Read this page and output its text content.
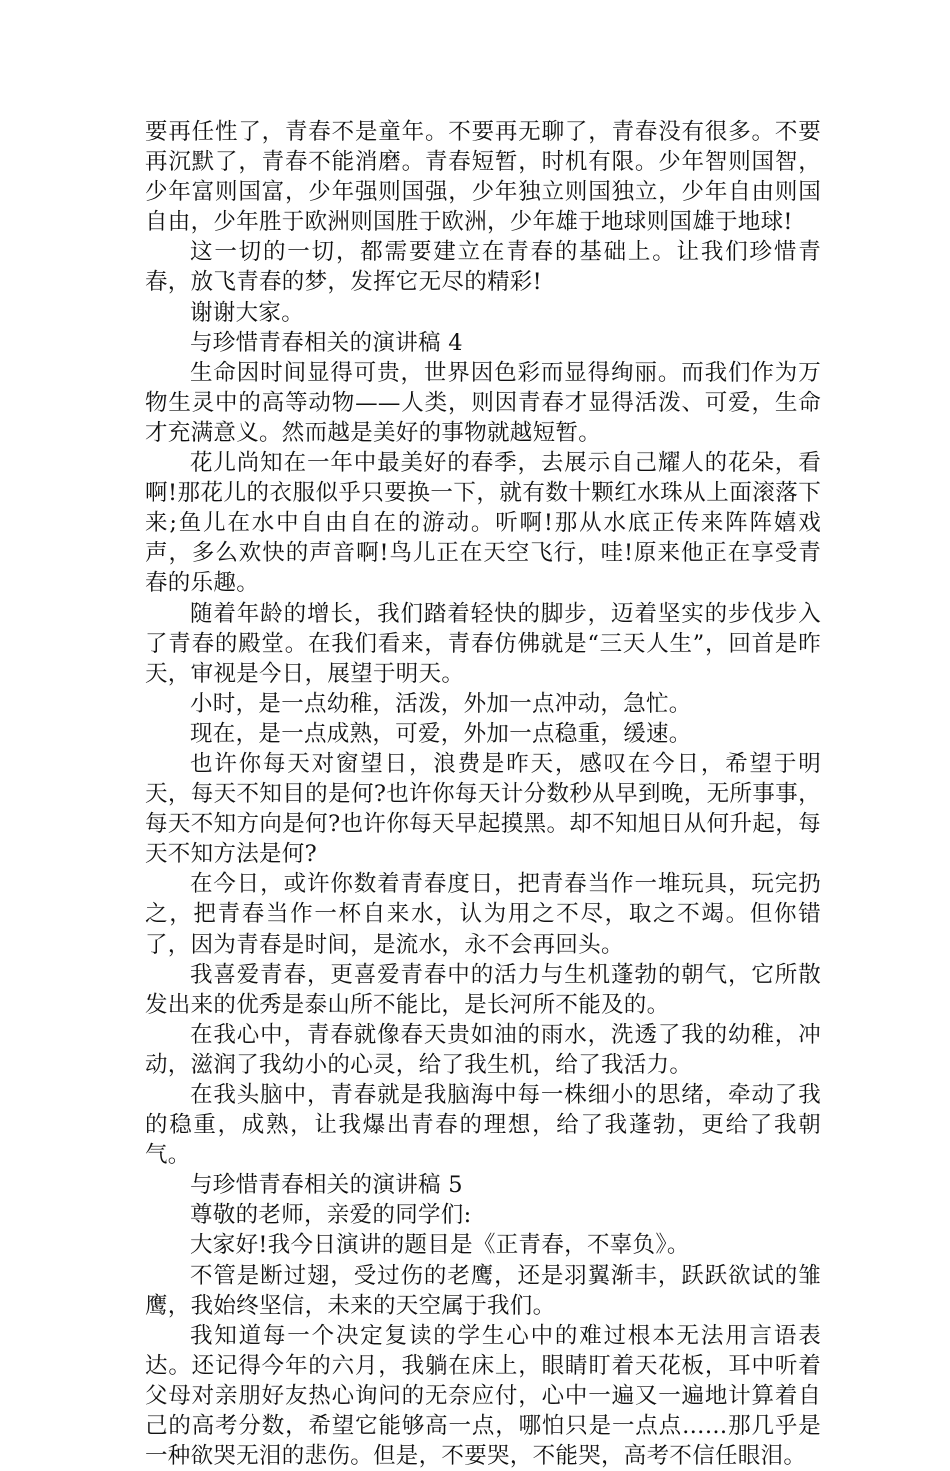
要再任性了，青春不是童年。不要再无聊了，青春没有很多。不要再沉默了，青春不能消磨。青春短暂，时机有限。少年智则国智，少年富则国富，少年强则国强，少年独立则国独立，少年自由则国自由，少年胜于欧洲则国胜于欧洲，少年雄于地球则国雄于地球!

这一切的一切，都需要建立在青春的基础上。让我们珍惜青春，放飞青春的梦，发挥它无尽的精彩!

谢谢大家。

与珍惜青春相关的演讲稿 4

生命因时间显得可贵，世界因色彩而显得绚丽。而我们作为万物生灵中的高等动物——人类，则因青春才显得活泼、可爱，生命才充满意义。然而越是美好的事物就越短暂。

花儿尚知在一年中最美好的春季，去展示自己耀人的花朵，看啊!那花儿的衣服似乎只要换一下，就有数十颗红水珠从上面滚落下来;鱼儿在水中自由自在的游动。听啊!那从水底正传来阵阵嬉戏声，多么欢快的声音啊!鸟儿正在天空飞行，哇!原来他正在享受青春的乐趣。

随着年龄的增长，我们踏着轻快的脚步，迈着坚实的步伐步入了青春的殿堂。在我们看来，青春仿佛就是“三天人生”，回首是昨天，审视是今日，展望于明天。

小时，是一点幼稚，活泼，外加一点冲动，急忙。

现在，是一点成熟，可爱，外加一点稳重，缓速。

也许你每天对窗望日，浪费是昨天，感叹在今日，希望于明天，每天不知目的是何?也许你每天计分数秒从早到晚，无所事事，每天不知方向是何?也许你每天早起摸黑。却不知旭日从何升起，每天不知方法是何?

在今日，或许你数着青春度日，把青春当作一堆玩具，玩完扔之，把青春当作一杯自来水，认为用之不尽，取之不竭。但你错了，因为青春是时间，是流水，永不会再回头。

我喜爱青春，更喜爱青春中的活力与生机蓬勃的朝气，它所散发出来的优秀是泰山所不能比，是长河所不能及的。

在我心中，青春就像春天贵如油的雨水，洗透了我的幼稚，冲动，滋润了我幼小的心灵，给了我生机，给了我活力。

在我头脑中，青春就是我脑海中每一株细小的思绪，牵动了我的稳重，成熟，让我爆出青春的理想，给了我蓬勃，更给了我朝气。

与珍惜青春相关的演讲稿 5

尊敬的老师，亲爱的同学们:

大家好!我今日演讲的题目是《正青春，不辜负》。

不管是断过翅，受过伤的老鹰，还是羽翼渐丰，跃跃欲试的雏鹰，我始终坚信，未来的天空属于我们。

我知道每一个决定复读的学生心中的难过根本无法用言语表达。还记得今年的六月，我躺在床上，眼睛盯着天花板，耳中听着父母对亲朋好友热心询问的无奈应付，心中一遍又一遍地计算着自己的高考分数，希望它能够高一点，哪怕只是一点点……那几乎是一种欲哭无泪的悲伤。但是，不要哭，不能哭，高考不信任眼泪。
